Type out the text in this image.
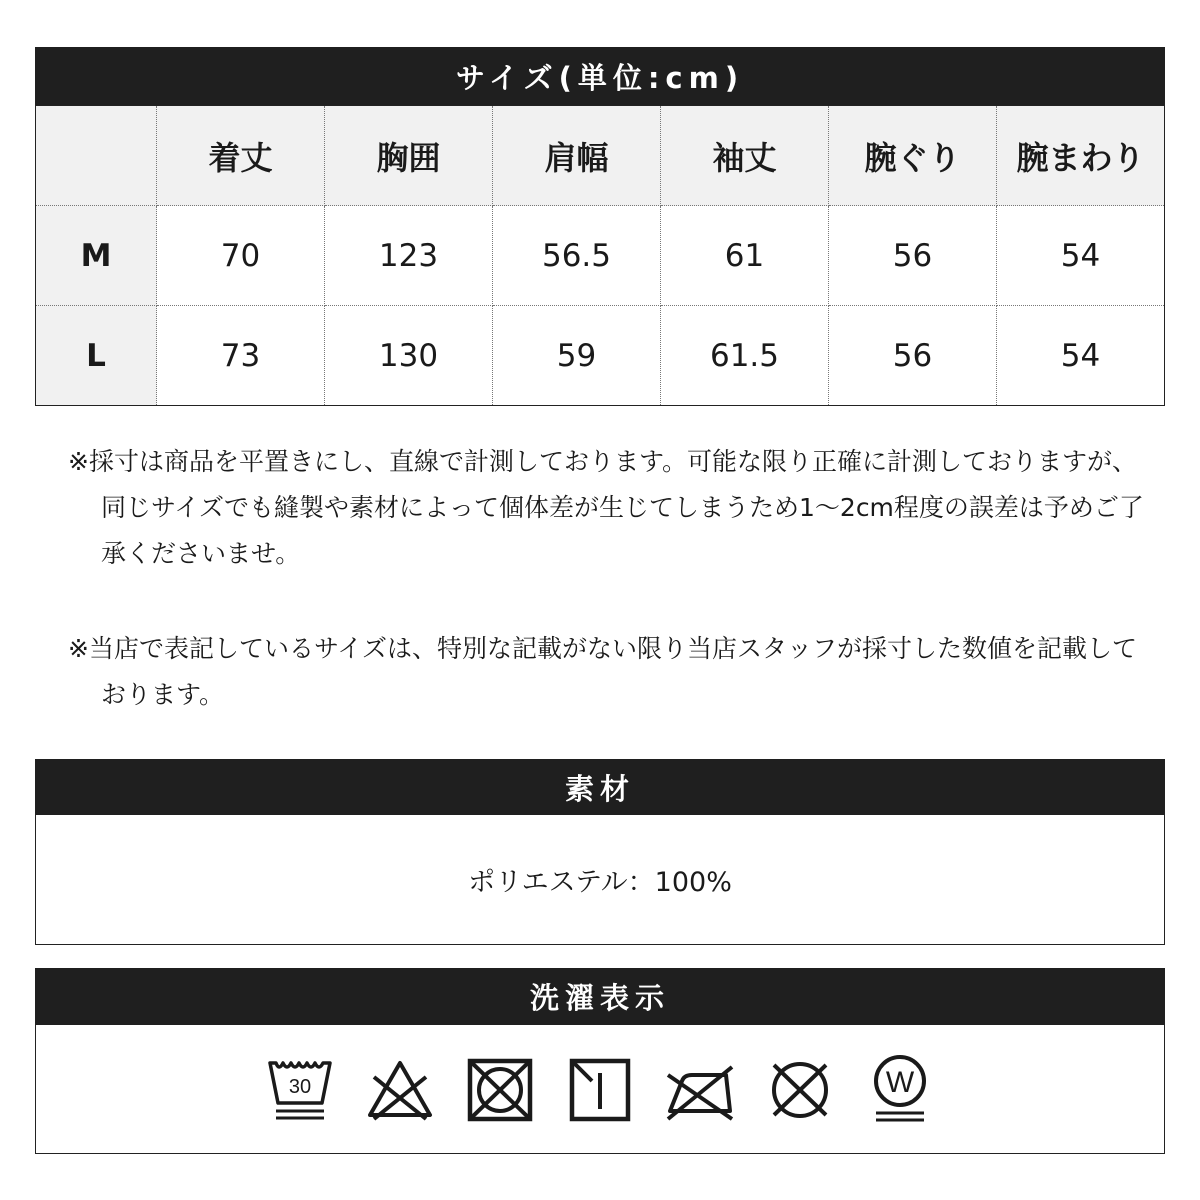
サイズ(単位:cm)
	着丈	胸囲	肩幅	袖丈	腕ぐり	腕まわり
M	70	123	56.5	61	56	54
L	73	130	59	61.5	56	54
※採寸は商品を平置きにし、直線で計測しております。可能な限り正確に計測しておりますが、同じサイズでも縫製や素材によって個体差が生じてしまうため1〜2cm程度の誤差は予めご了承くださいませ。
※当店で表記しているサイズは、特別な記載がない限り当店スタッフが採寸した数値を記載しております。
素材
ポリエステル：100%
洗濯表示
30	W
